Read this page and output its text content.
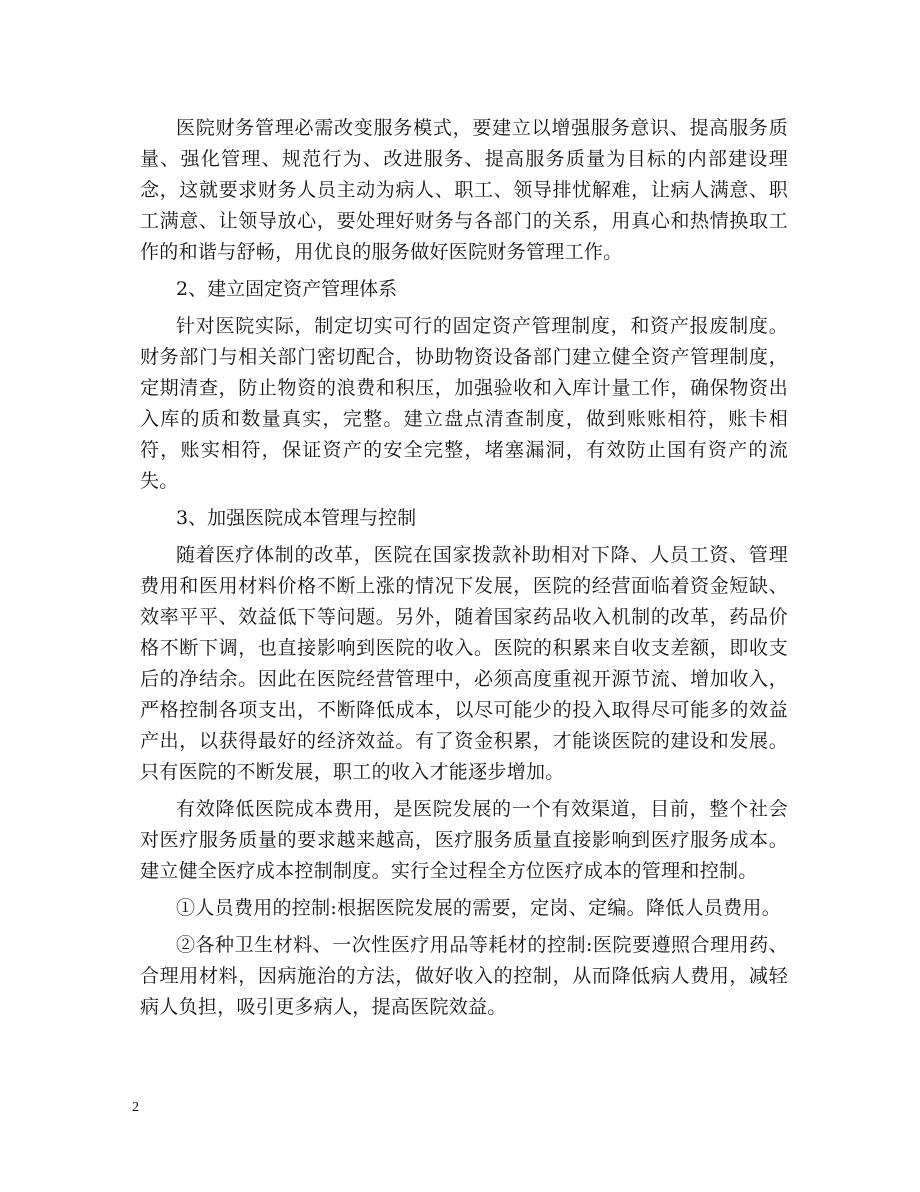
医院财务管理必需改变服务模式，要建立以增强服务意识、提高服务质量、强化管理、规范行为、改进服务、提高服务质量为目标的内部建设理念，这就要求财务人员主动为病人、职工、领导排忧解难，让病人满意、职工满意、让领导放心，要处理好财务与各部门的关系，用真心和热情换取工作的和谐与舒畅，用优良的服务做好医院财务管理工作。

2、建立固定资产管理体系

针对医院实际，制定切实可行的固定资产管理制度，和资产报废制度。财务部门与相关部门密切配合，协助物资设备部门建立健全资产管理制度，定期清查，防止物资的浪费和积压，加强验收和入库计量工作，确保物资出入库的质和数量真实，完整。建立盘点清查制度，做到账账相符，账卡相符，账实相符，保证资产的安全完整，堵塞漏洞，有效防止国有资产的流失。

3、加强医院成本管理与控制

随着医疗体制的改革，医院在国家拨款补助相对下降、人员工资、管理费用和医用材料价格不断上涨的情况下发展，医院的经营面临着资金短缺、效率平平、效益低下等问题。另外，随着国家药品收入机制的改革，药品价格不断下调，也直接影响到医院的收入。医院的积累来自收支差额，即收支后的净结余。因此在医院经营管理中，必须高度重视开源节流、增加收入，严格控制各项支出，不断降低成本，以尽可能少的投入取得尽可能多的效益产出，以获得最好的经济效益。有了资金积累，才能谈医院的建设和发展。只有医院的不断发展，职工的收入才能逐步增加。

有效降低医院成本费用，是医院发展的一个有效渠道，目前，整个社会对医疗服务质量的要求越来越高，医疗服务质量直接影响到医疗服务成本。建立健全医疗成本控制制度。实行全过程全方位医疗成本的管理和控制。

①人员费用的控制:根据医院发展的需要，定岗、定编。降低人员费用。

②各种卫生材料、一次性医疗用品等耗材的控制:医院要遵照合理用药、合理用材料，因病施治的方法，做好收入的控制，从而降低病人费用，减轻病人负担，吸引更多病人，提高医院效益。

2
